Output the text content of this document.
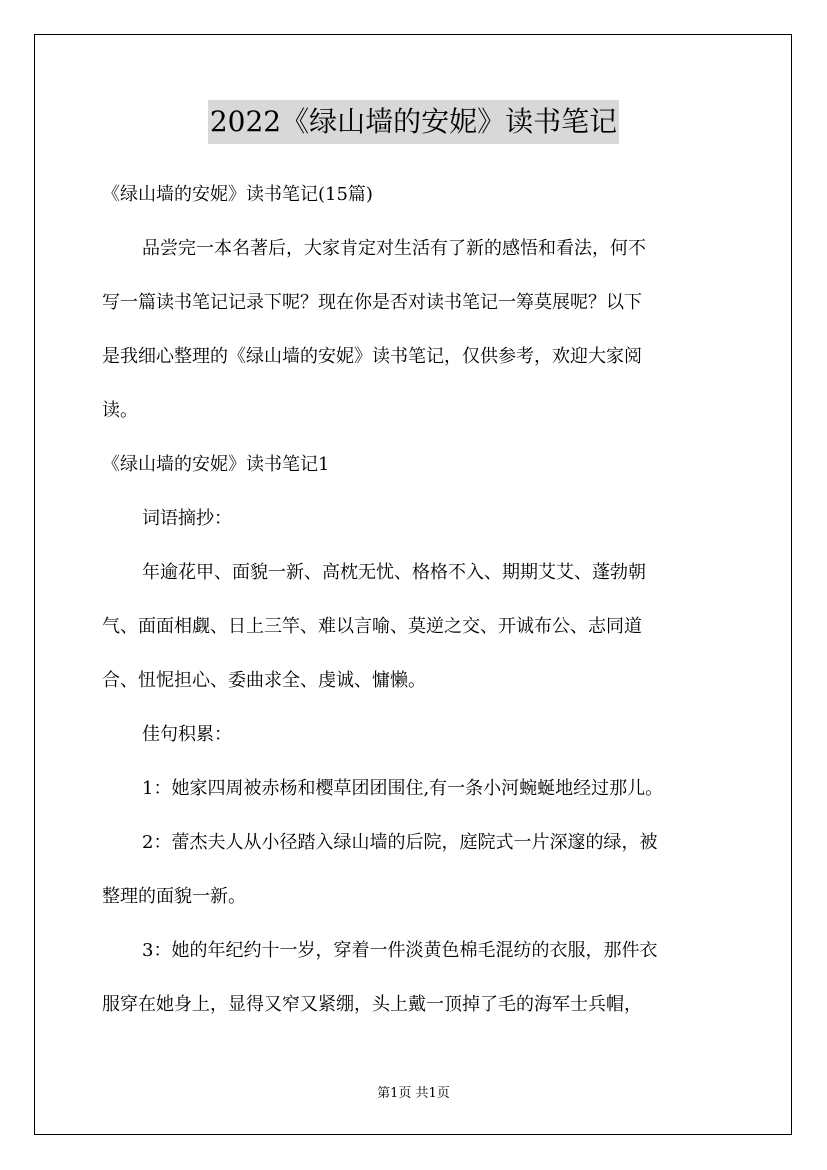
2022《绿山墙的安妮》读书笔记
《绿山墙的安妮》读书笔记(15篇)
品尝完一本名著后，大家肯定对生活有了新的感悟和看法，何不
写一篇读书笔记记录下呢？现在你是否对读书笔记一筹莫展呢？以下
是我细心整理的《绿山墙的安妮》读书笔记，仅供参考，欢迎大家阅
读。
《绿山墙的安妮》读书笔记1
词语摘抄：
年逾花甲、面貌一新、高枕无忧、格格不入、期期艾艾、蓬勃朝
气、面面相觑、日上三竿、难以言喻、莫逆之交、开诚布公、志同道
合、忸怩担心、委曲求全、虔诚、慵懒。
佳句积累：
1：她家四周被赤杨和樱草团团围住,有一条小河蜿蜒地经过那儿。
2：蕾杰夫人从小径踏入绿山墙的后院，庭院式一片深邃的绿，被
整理的面貌一新。
3：她的年纪约十一岁，穿着一件淡黄色棉毛混纺的衣服，那件衣
服穿在她身上，显得又窄又紧绷，头上戴一顶掉了毛的海军士兵帽，
第1页 共1页
